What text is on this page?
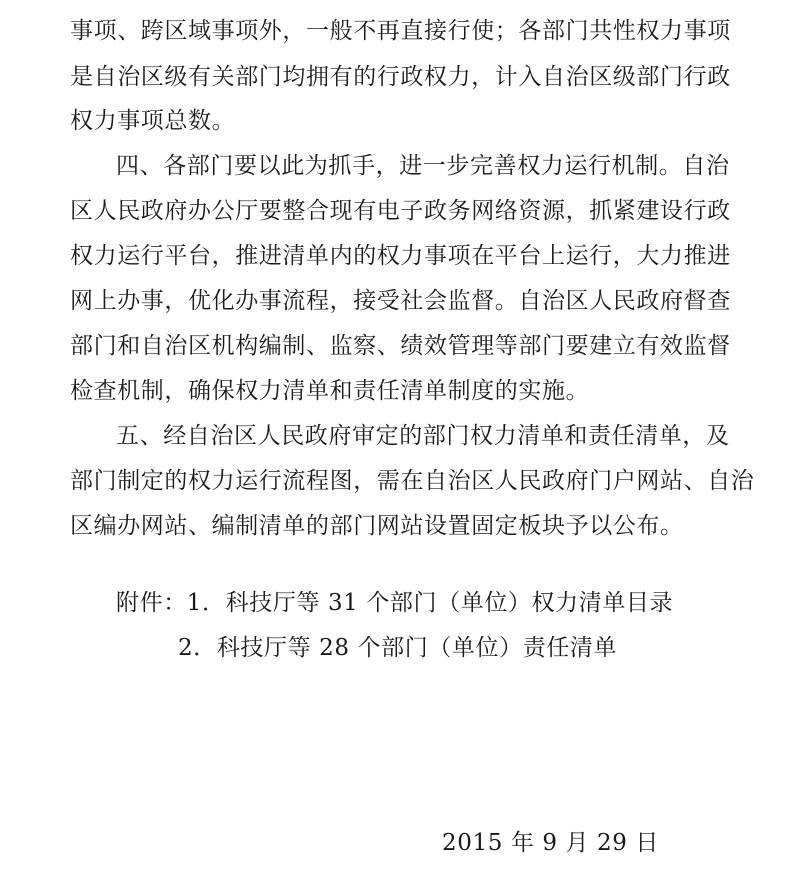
事项、跨区域事项外，一般不再直接行使；各部门共性权力事项
是自治区级有关部门均拥有的行政权力，计入自治区级部门行政
权力事项总数。
四、各部门要以此为抓手，进一步完善权力运行机制。自治
区人民政府办公厅要整合现有电子政务网络资源，抓紧建设行政
权力运行平台，推进清单内的权力事项在平台上运行，大力推进
网上办事，优化办事流程，接受社会监督。自治区人民政府督查
部门和自治区机构编制、监察、绩效管理等部门要建立有效监督
检查机制，确保权力清单和责任清单制度的实施。
五、经自治区人民政府审定的部门权力清单和责任清单，及
部门制定的权力运行流程图，需在自治区人民政府门户网站、自治
区编办网站、编制清单的部门网站设置固定板块予以公布。
附件：1．科技厅等 31 个部门（单位）权力清单目录
2．科技厅等 28 个部门（单位）责任清单
2015 年 9 月 29 日
